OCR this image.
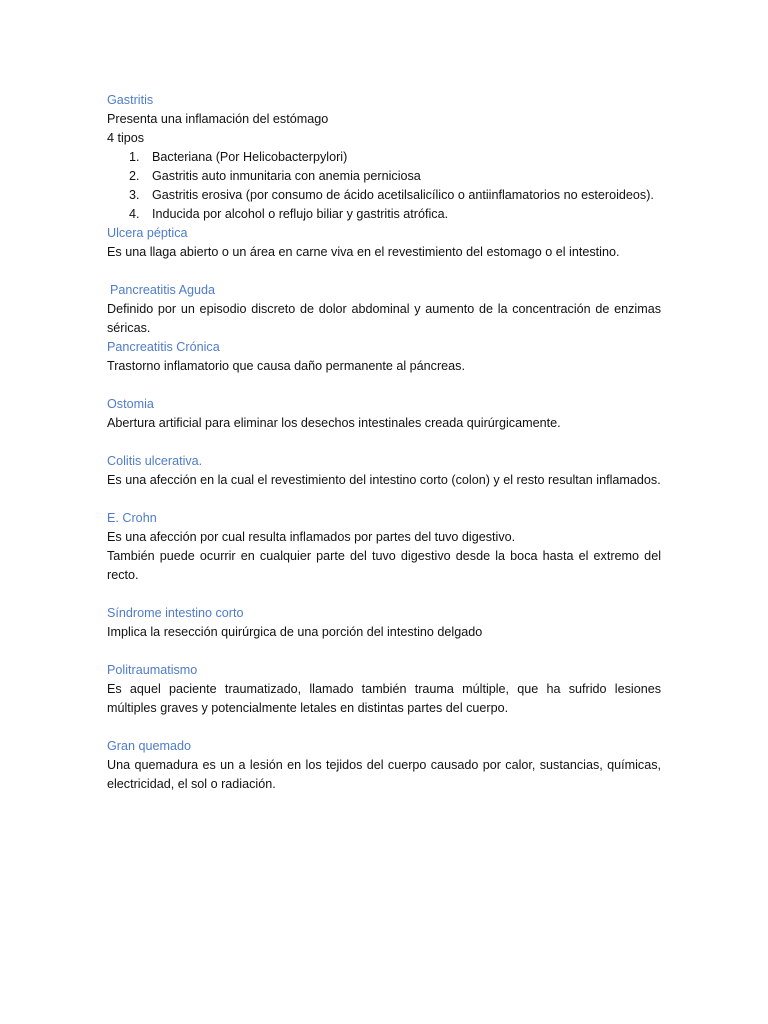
Gastritis
Presenta una inflamación del estómago
4 tipos
1. Bacteriana (Por Helicobacterpylori)
2. Gastritis auto inmunitaria con anemia perniciosa
3. Gastritis erosiva (por consumo de ácido acetilsalicílico o antiinflamatorios no esteroideos).
4. Inducida por alcohol o reflujo biliar y gastritis atrófica.
Ulcera péptica
Es una llaga abierto o un área en carne viva en el revestimiento del estomago o el intestino.
Pancreatitis Aguda
Definido por un episodio discreto de dolor abdominal y aumento de la concentración de enzimas séricas.
Pancreatitis Crónica
Trastorno inflamatorio que causa daño permanente al páncreas.
Ostomia
Abertura artificial para eliminar los desechos intestinales creada quirúrgicamente.
Colitis ulcerativa.
Es una afección en la cual el revestimiento del intestino corto (colon) y el resto resultan inflamados.
E. Crohn
Es una afección por cual resulta inflamados por partes del tuvo digestivo.
También puede ocurrir en cualquier parte del tuvo digestivo desde la boca hasta el extremo del recto.
Síndrome intestino corto
Implica la resección quirúrgica de una porción del intestino delgado
Politraumatismo
Es aquel paciente traumatizado, llamado también trauma múltiple, que ha sufrido lesiones múltiples graves y potencialmente letales en distintas partes del cuerpo.
Gran quemado
Una quemadura es un a lesión en los tejidos del cuerpo causado por calor, sustancias, químicas, electricidad, el sol o radiación.
